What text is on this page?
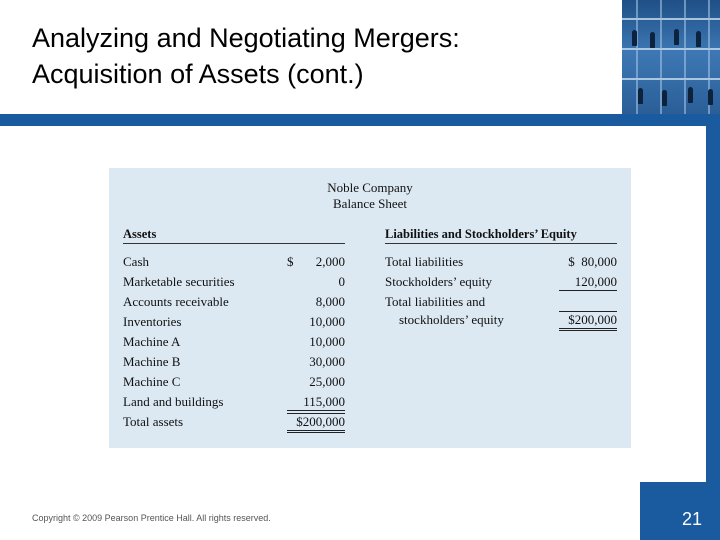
Analyzing and Negotiating Mergers:
Acquisition of Assets (cont.)
Noble Company
Balance Sheet
Assets	Liabilities and Stockholders’ Equity
Cash	$	2,000
Marketable securities	0
Accounts receivable	8,000
Inventories	10,000
Machine A	10,000
Machine B	30,000
Machine C	25,000
Land and buildings	115,000
Total assets	$200,000
Total liabilities	$  80,000
Stockholders’ equity	120,000
Total liabilities and
stockholders’ equity	$200,000
Copyright © 2009 Pearson Prentice Hall. All rights reserved.	21
